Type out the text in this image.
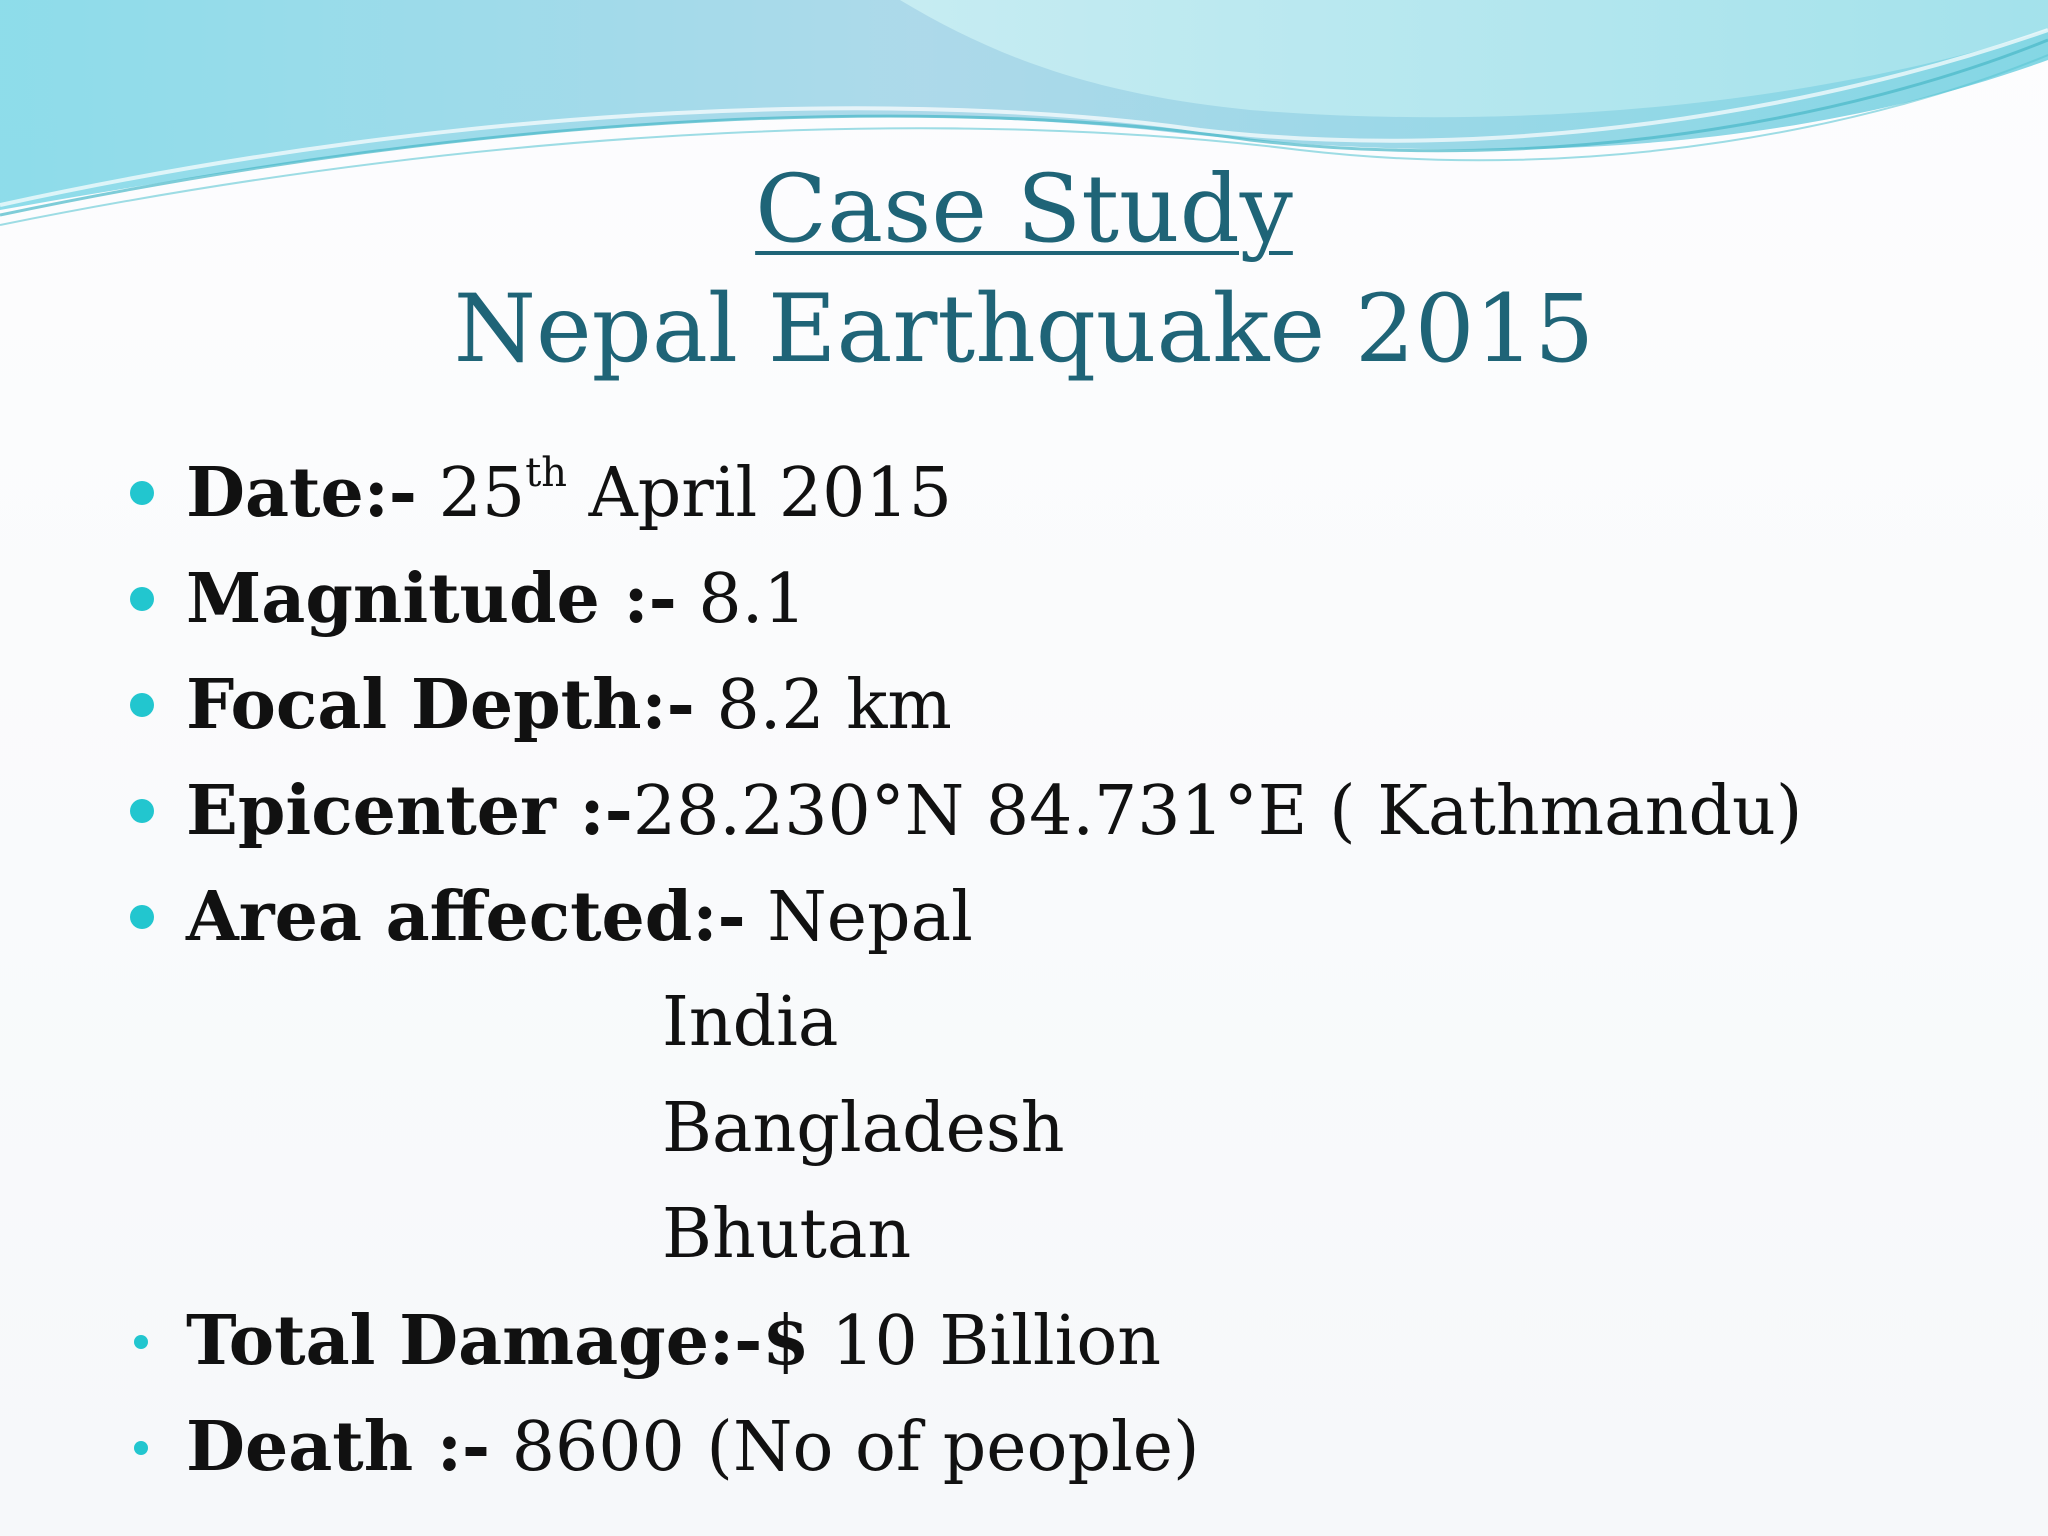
Case Study
Nepal Earthquake 2015
Date:- 25th April 2015
Magnitude :- 8.1
Focal Depth:- 8.2 km
Epicenter :-28.230°N 84.731°E ( Kathmandu)
Area affected:- Nepal
India
Bangladesh
Bhutan
Total Damage:-$ 10 Billion
Death :- 8600 (No of people)
